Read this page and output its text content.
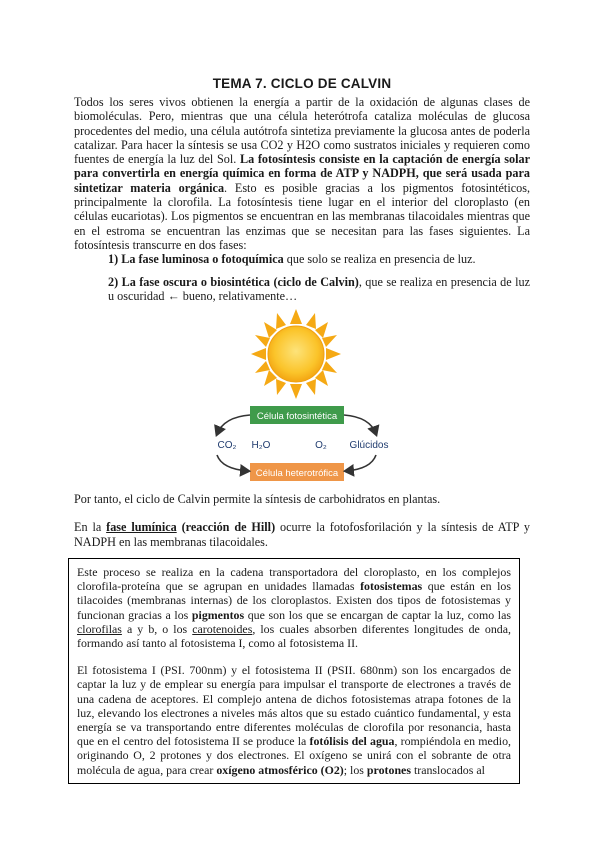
TEMA 7. CICLO DE CALVIN

Todos los seres vivos obtienen la energía a partir de la oxidación de algunas clases de biomoléculas. Pero, mientras que una célula heterótrofa cataliza moléculas de glucosa procedentes del medio, una célula autótrofa sintetiza previamente la glucosa antes de poderla catalizar. Para hacer la síntesis se usa CO2 y H2O como sustratos iniciales y requieren como fuentes de energía la luz del Sol. La fotosíntesis consiste en la captación de energía solar para convertirla en energía química en forma de ATP y NADPH, que será usada para sintetizar materia orgánica. Esto es posible gracias a los pigmentos fotosintéticos, principalmente la clorofila. La fotosíntesis tiene lugar en el interior del cloroplasto (en células eucariotas). Los pigmentos se encuentran en las membranas tilacoidales mientras que en el estroma se encuentran las enzimas que se necesitan para las fases siguientes. La fotosíntesis transcurre en dos fases:

1) La fase luminosa o fotoquímica que solo se realiza en presencia de luz.

2) La fase oscura o biosintética (ciclo de Calvin), que se realiza en presencia de luz u oscuridad ← bueno, relativamente…

Célula fotosintética
Célula heterotrófica
CO₂ H₂O	O₂ Glúcidos

Por tanto, el ciclo de Calvin permite la síntesis de carbohidratos en plantas.

En la fase lumínica (reacción de Hill) ocurre la fotofosforilación y la síntesis de ATP y NADPH en las membranas tilacoidales.

Este proceso se realiza en la cadena transportadora del cloroplasto, en los complejos clorofila-proteína que se agrupan en unidades llamadas fotosistemas que están en los tilacoides (membranas internas) de los cloroplastos. Existen dos tipos de fotosistemas y funcionan gracias a los pigmentos que son los que se encargan de captar la luz, como las clorofilas a y b, o los carotenoides, los cuales absorben diferentes longitudes de onda, formando así tanto al fotosistema I, como al fotosistema II.

El fotosistema I (PSI. 700nm) y el fotosistema II (PSII. 680nm) son los encargados de captar la luz y de emplear su energía para impulsar el transporte de electrones a través de una cadena de aceptores. El complejo antena de dichos fotosistemas atrapa fotones de la luz, elevando los electrones a niveles más altos que su estado cuántico fundamental, y esta energía se va transportando entre diferentes moléculas de clorofila por resonancia, hasta que en el centro del fotosistema II se produce la fotólisis del agua, rompiéndola en medio, originando O, 2 protones y dos electrones. El oxígeno se unirá con el sobrante de otra molécula de agua, para crear oxígeno atmosférico (O2); los protones translocados al
